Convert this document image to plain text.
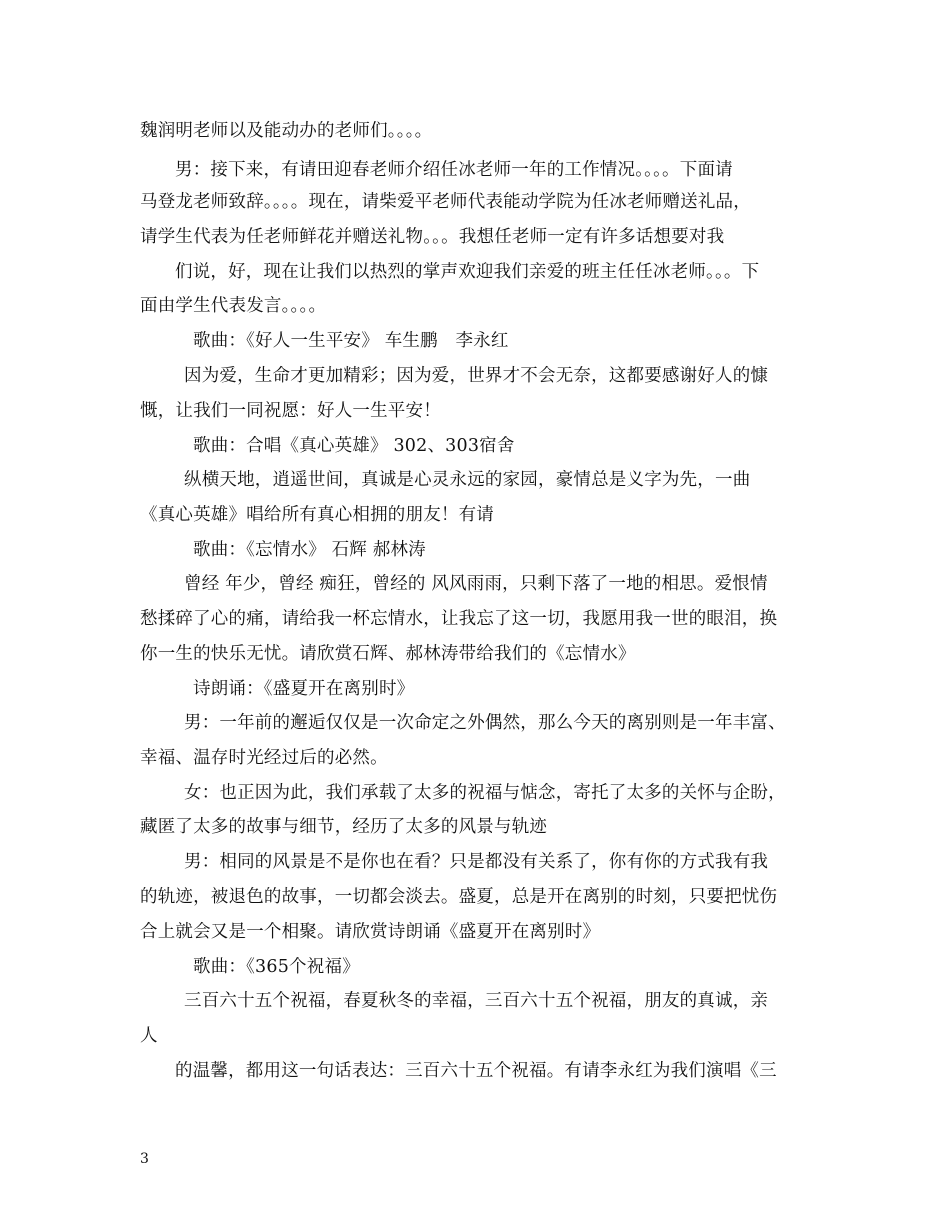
魏润明老师以及能动办的老师们。。。。
男：接下来，有请田迎春老师介绍任冰老师一年的工作情况。。。。下面请
马登龙老师致辞。。。。现在，请柴爱平老师代表能动学院为任冰老师赠送礼品，
请学生代表为任老师鲜花并赠送礼物。。。我想任老师一定有许多话想要对我
们说，好，现在让我们以热烈的掌声欢迎我们亲爱的班主任任冰老师。。。下
面由学生代表发言。。。。
歌曲：《好人一生平安》 车生鹏　李永红
因为爱，生命才更加精彩；因为爱，世界才不会无奈，这都要感谢好人的慷
慨，让我们一同祝愿：好人一生平安！
歌曲：合唱《真心英雄》 302、303宿舍
纵横天地，逍遥世间，真诚是心灵永远的家园，豪情总是义字为先，一曲
《真心英雄》唱给所有真心相拥的朋友！有请
歌曲：《忘情水》 石辉 郝林涛
曾经 年少，曾经 痴狂，曾经的 风风雨雨，只剩下落了一地的相思。爱恨情
愁揉碎了心的痛，请给我一杯忘情水，让我忘了这一切，我愿用我一世的眼泪，换
你一生的快乐无忧。请欣赏石辉、郝林涛带给我们的《忘情水》
诗朗诵：《盛夏开在离别时》
男：一年前的邂逅仅仅是一次命定之外偶然，那么今天的离别则是一年丰富、
幸福、温存时光经过后的必然。
女：也正因为此，我们承载了太多的祝福与惦念，寄托了太多的关怀与企盼，
藏匿了太多的故事与细节，经历了太多的风景与轨迹
男：相同的风景是不是你也在看？只是都没有关系了，你有你的方式我有我
的轨迹，被退色的故事，一切都会淡去。盛夏，总是开在离别的时刻，只要把忧伤
合上就会又是一个相聚。请欣赏诗朗诵《盛夏开在离别时》
歌曲：《365个祝福》
三百六十五个祝福，春夏秋冬的幸福，三百六十五个祝福，朋友的真诚，亲
人
的温馨，都用这一句话表达：三百六十五个祝福。有请李永红为我们演唱《三
3
